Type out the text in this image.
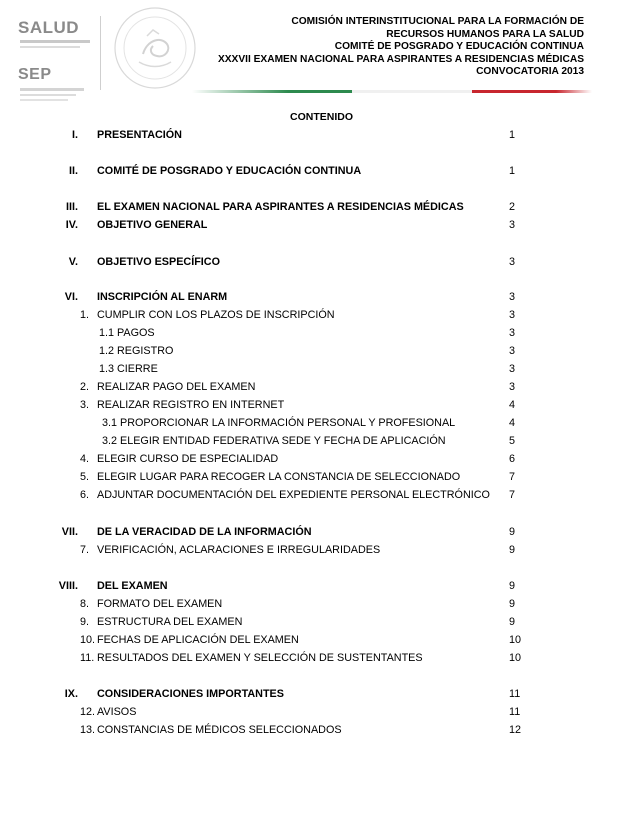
SALUD
SEP
COMISIÓN INTERINSTITUCIONAL PARA LA FORMACIÓN DE
RECURSOS HUMANOS PARA LA SALUD
COMITÉ DE POSGRADO Y EDUCACIÓN CONTINUA
XXXVII EXAMEN NACIONAL PARA ASPIRANTES A RESIDENCIAS MÉDICAS
CONVOCATORIA 2013
CONTENIDO
I. PRESENTACIÓN	1
II. COMITÉ DE POSGRADO Y EDUCACIÓN CONTINUA	1
III. EL EXAMEN NACIONAL PARA ASPIRANTES A RESIDENCIAS MÉDICAS	2
IV. OBJETIVO GENERAL	3
V. OBJETIVO ESPECÍFICO	3
VI. INSCRIPCIÓN AL ENARM	3
1. CUMPLIR CON LOS PLAZOS DE INSCRIPCIÓN	3
1.1 PAGOS	3
1.2 REGISTRO	3
1.3 CIERRE	3
2. REALIZAR PAGO DEL EXAMEN	3
3. REALIZAR REGISTRO EN INTERNET	4
3.1 PROPORCIONAR LA INFORMACIÓN PERSONAL Y PROFESIONAL	4
3.2 ELEGIR ENTIDAD FEDERATIVA SEDE Y FECHA DE APLICACIÓN	5
4. ELEGIR CURSO DE ESPECIALIDAD	6
5. ELEGIR LUGAR PARA RECOGER LA CONSTANCIA DE SELECCIONADO	7
6. ADJUNTAR DOCUMENTACIÓN DEL EXPEDIENTE PERSONAL ELECTRÓNICO 7
VII. DE LA VERACIDAD DE LA INFORMACIÓN	9
7. VERIFICACIÓN, ACLARACIONES E IRREGULARIDADES	9
VIII. DEL EXAMEN	9
8. FORMATO DEL EXAMEN	9
9. ESTRUCTURA DEL EXAMEN	9
10. FECHAS DE APLICACIÓN DEL EXAMEN	10
11. RESULTADOS DEL EXAMEN Y SELECCIÓN DE SUSTENTANTES	10
IX. CONSIDERACIONES IMPORTANTES	11
12. AVISOS	11
13. CONSTANCIAS DE MÉDICOS SELECCIONADOS	12
